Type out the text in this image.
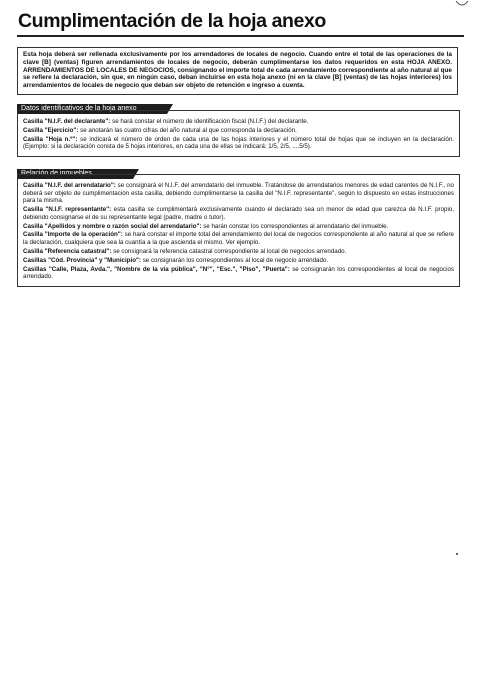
Cumplimentación de la hoja anexo
Esta hoja deberá ser rellenada exclusivamente por los arrendadores de locales de negocio. Cuando entre el total de las operaciones de la clave [B] (ventas) figuren arrendamientos de locales de negocio, deberán cumplimentarse los datos requeridos en esta HOJA ANEXO. ARRENDAMIENTOS DE LOCALES DE NEGOCIOS, consignando el importe total de cada arrendamiento correspondiente al año natural al que se refiere la declaración, sin que, en ningún caso, deban incluirse en esta hoja anexo (ni en la clave [B] (ventas) de las hojas interiores) los arrendamientos de locales de negocio que deban ser objeto de retención e ingreso a cuenta.
Datos identificativos de la hoja anexo

Casilla "N.I.F. del declarante": se hará constar el número de identificación fiscal (N.I.F.) del declarante.

Casilla "Ejercicio": se anotarán las cuatro cifras del año natural al que corresponda la declaración.

Casilla "Hoja n.º": se indicará el número de orden de cada una de las hojas interiores y el número total de hojas que se incluyen en la declaración. (Ejemplo: si la declaración consta de 5 hojas interiores, en cada una de ellas se indicará: 1/5, 2/5, ....5/5).

Relación de inmuebles

Casilla "N.I.F. del arrendatario": se consignará el N.I.F. del arrendatario del inmueble. Tratándose de arrendatarios menores de edad carentes de N.I.F., no deberá ser objeto de cumplimentación esta casilla, debiendo cumplimentarse la casilla del "N.I.F. representante", según lo dispuesto en estas instrucciones para la misma.

Casilla "N.I.F. representante": esta casilla se cumplimentará exclusivamente cuando el declarado sea un menor de edad que carezca de N.I.F. propio, debiendo consignarse el de su representante legal (padre, madre o tutor).

Casilla "Apellidos y nombre o razón social del arrendatario": se harán constar los correspondientes al arrendatario del inmueble.

Casilla "Importe de la operación": se hará constar el importe total del arrendamiento del local de negocios correspondiente al año natural al que se refiere la declaración, cualquiera que sea la cuantía a la que ascienda el mismo. Ver ejemplo.

Casilla "Referencia catastral": se consignará la referencia catastral correspondiente al local de negocios arrendado.

Casillas "Cód. Provincia" y "Municipio": se consignarán los correspondientes al local de negocio arrendado.

Casillas "Calle, Plaza, Avda.", "Nombre de la vía pública", "N°", "Esc.", "Piso", "Puerta": se consignarán los correspondientes al local de negocios arrendado.
